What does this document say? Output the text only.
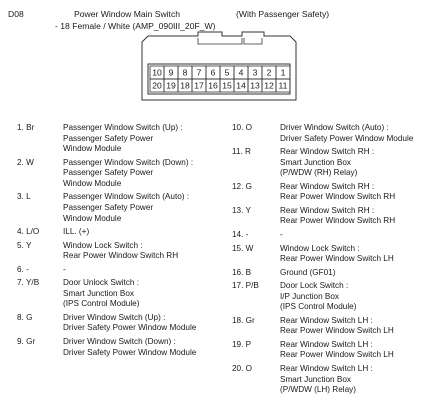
D08	Power Window Main Switch	(With Passenger Safety)
- 18 Female / White (AMP_090III_20F_W)
10 9 8 7 6 5 4 3 2 1
20 19 18 17 16 15 14 13 12 11
1. Br	Passenger Window Switch (Up) :
Passenger Safety Power
Window Module
2. W	Passenger Window Switch (Down) :
Passenger Safety Power
Window Module
3. L	Passenger Window Switch (Auto) :
Passenger Safety Power
Window Module
4. L/O	ILL. (+)
5. Y	Window Lock Switch :
Rear Power Window Switch RH
6. -	-
7. Y/B	Door Unlock Switch :
Smart Junction Box
(IPS Control Module)
8. G	Driver Window Switch (Up) :
Driver Safety Power Window Module
9. Gr	Driver Window Switch (Down) :
Driver Safety Power Window Module
10. O	Driver Window Switch (Auto) :
Driver Safety Power Window Module
11. R	Rear Window Switch RH :
Smart Junction Box
(P/WDW (RH) Relay)
12. G	Rear Window Switch RH :
Rear Power Window Switch RH
13. Y	Rear Window Switch RH :
Rear Power Window Switch RH
14. -	-
15. W	Window Lock Switch :
Rear Power Window Switch LH
16. B	Ground (GF01)
17. P/B	Door Lock Switch :
I/P Junction Box
(IPS Control Module)
18. Gr	Rear Window Switch LH :
Rear Power Window Switch LH
19. P	Rear Window Switch LH :
Rear Power Window Switch LH
20. O	Rear Window Switch LH :
Smart Junction Box
(P/WDW (LH) Relay)
